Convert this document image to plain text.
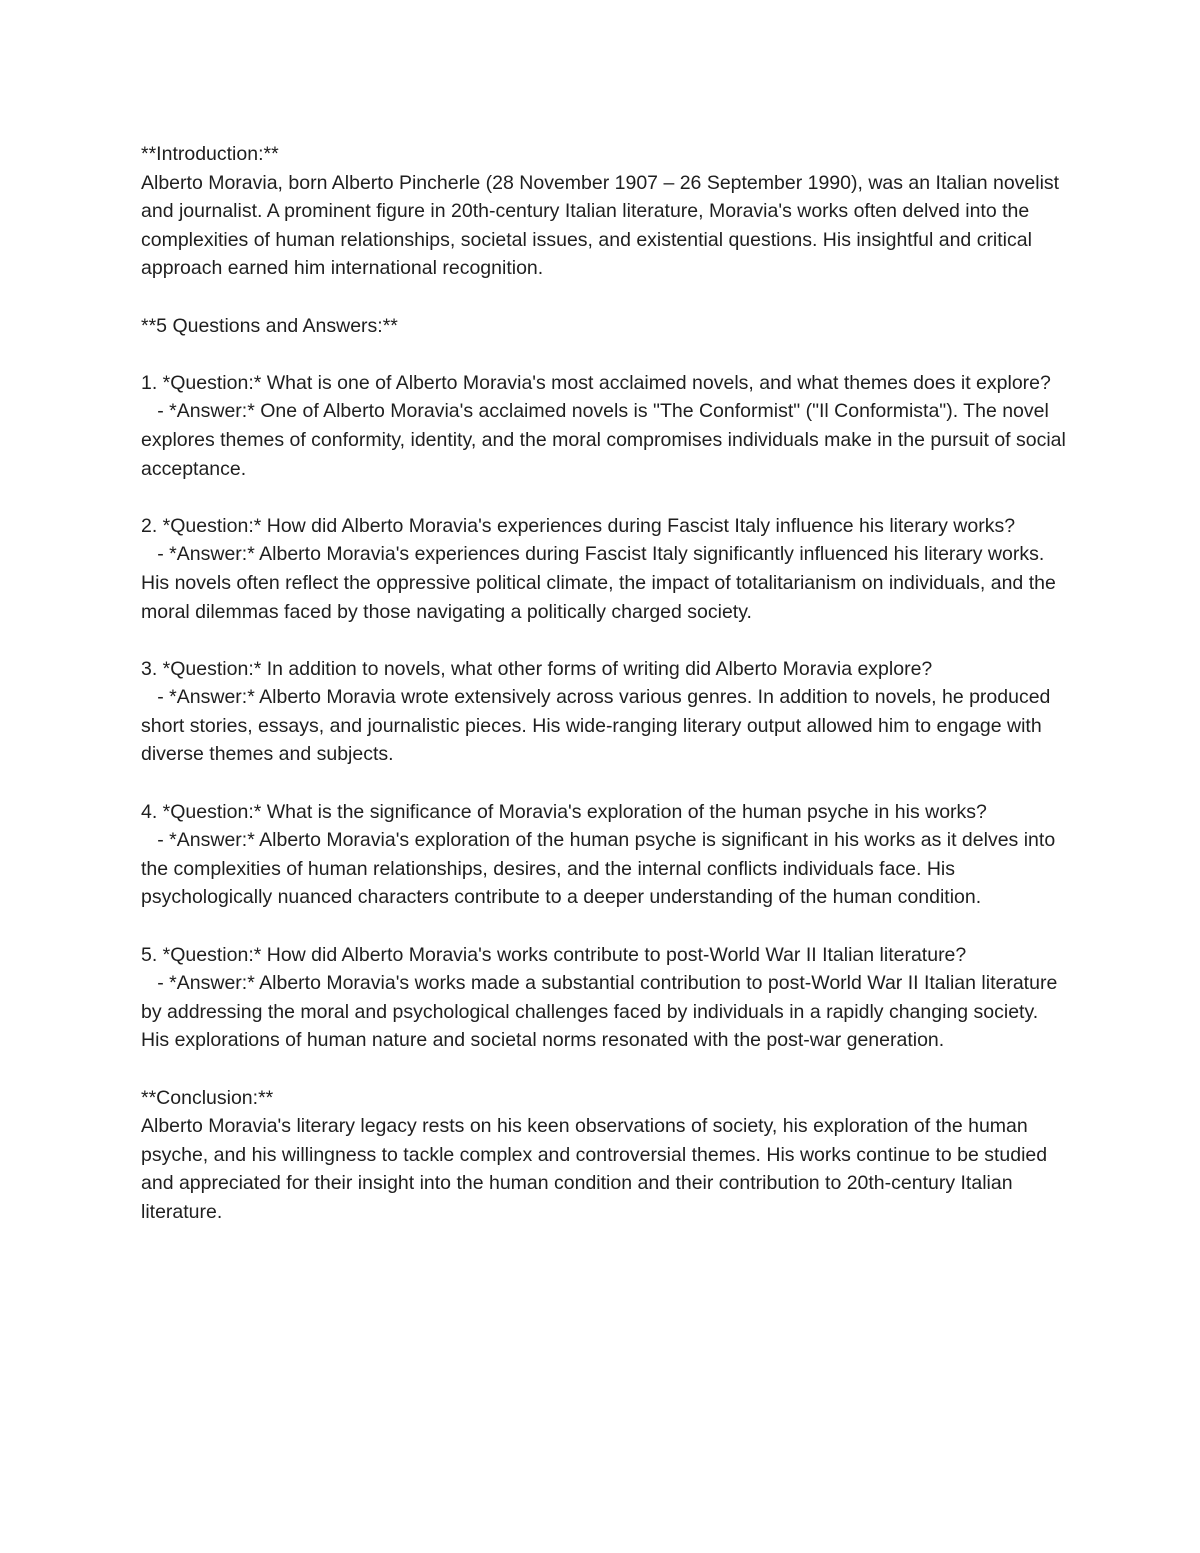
**Introduction:**

Alberto Moravia, born Alberto Pincherle (28 November 1907 – 26 September 1990), was an Italian novelist and journalist. A prominent figure in 20th-century Italian literature, Moravia's works often delved into the complexities of human relationships, societal issues, and existential questions. His insightful and critical approach earned him international recognition.

**5 Questions and Answers:**

1. *Question:* What is one of Alberto Moravia's most acclaimed novels, and what themes does it explore?

- *Answer:* One of Alberto Moravia's acclaimed novels is "The Conformist" ("Il Conformista"). The novel explores themes of conformity, identity, and the moral compromises individuals make in the pursuit of social acceptance.

2. *Question:* How did Alberto Moravia's experiences during Fascist Italy influence his literary works?

- *Answer:* Alberto Moravia's experiences during Fascist Italy significantly influenced his literary works. His novels often reflect the oppressive political climate, the impact of totalitarianism on individuals, and the moral dilemmas faced by those navigating a politically charged society.

3. *Question:* In addition to novels, what other forms of writing did Alberto Moravia explore?

- *Answer:* Alberto Moravia wrote extensively across various genres. In addition to novels, he produced short stories, essays, and journalistic pieces. His wide-ranging literary output allowed him to engage with diverse themes and subjects.

4. *Question:* What is the significance of Moravia's exploration of the human psyche in his works?

- *Answer:* Alberto Moravia's exploration of the human psyche is significant in his works as it delves into the complexities of human relationships, desires, and the internal conflicts individuals face. His psychologically nuanced characters contribute to a deeper understanding of the human condition.

5. *Question:* How did Alberto Moravia's works contribute to post-World War II Italian literature?

- *Answer:* Alberto Moravia's works made a substantial contribution to post-World War II Italian literature by addressing the moral and psychological challenges faced by individuals in a rapidly changing society. His explorations of human nature and societal norms resonated with the post-war generation.

**Conclusion:**

Alberto Moravia's literary legacy rests on his keen observations of society, his exploration of the human psyche, and his willingness to tackle complex and controversial themes. His works continue to be studied and appreciated for their insight into the human condition and their contribution to 20th-century Italian literature.
